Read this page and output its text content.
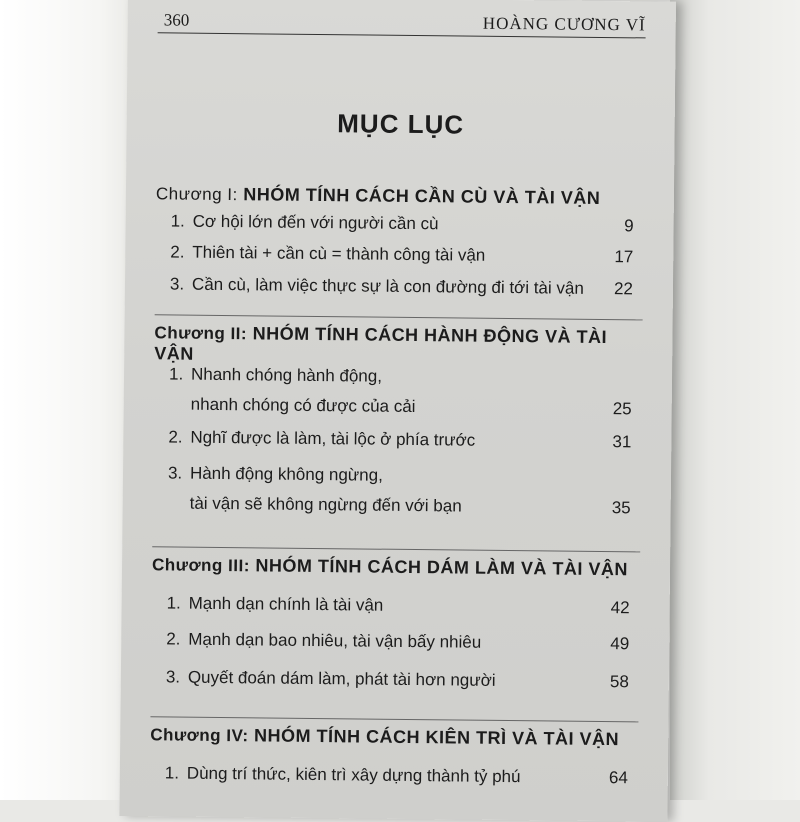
360	HOÀNG CƯƠNG VĨ
MỤC LỤC
Chương I: NHÓM TÍNH CÁCH CẦN CÙ VÀ TÀI VẬN
1. Cơ hội lớn đến với người cần cù	9
2. Thiên tài + cần cù = thành công tài vận	17
3. Cần cù, làm việc thực sự là con đường đi tới tài vận 22
Chương II: NHÓM TÍNH CÁCH HÀNH ĐỘNG VÀ TÀI VẬN
1. Nhanh chóng hành động,
nhanh chóng có được của cải	25
2. Nghĩ được là làm, tài lộc ở phía trước	31
3. Hành động không ngừng,
tài vận sẽ không ngừng đến với bạn	35
Chương III: NHÓM TÍNH CÁCH DÁM LÀM VÀ TÀI VẬN
1. Mạnh dạn chính là tài vận	42
2. Mạnh dạn bao nhiêu, tài vận bấy nhiêu	49
3. Quyết đoán dám làm, phát tài hơn người	58
Chương IV: NHÓM TÍNH CÁCH KIÊN TRÌ VÀ TÀI VẬN
1. Dùng trí thức, kiên trì xây dựng thành tỷ phú	64
